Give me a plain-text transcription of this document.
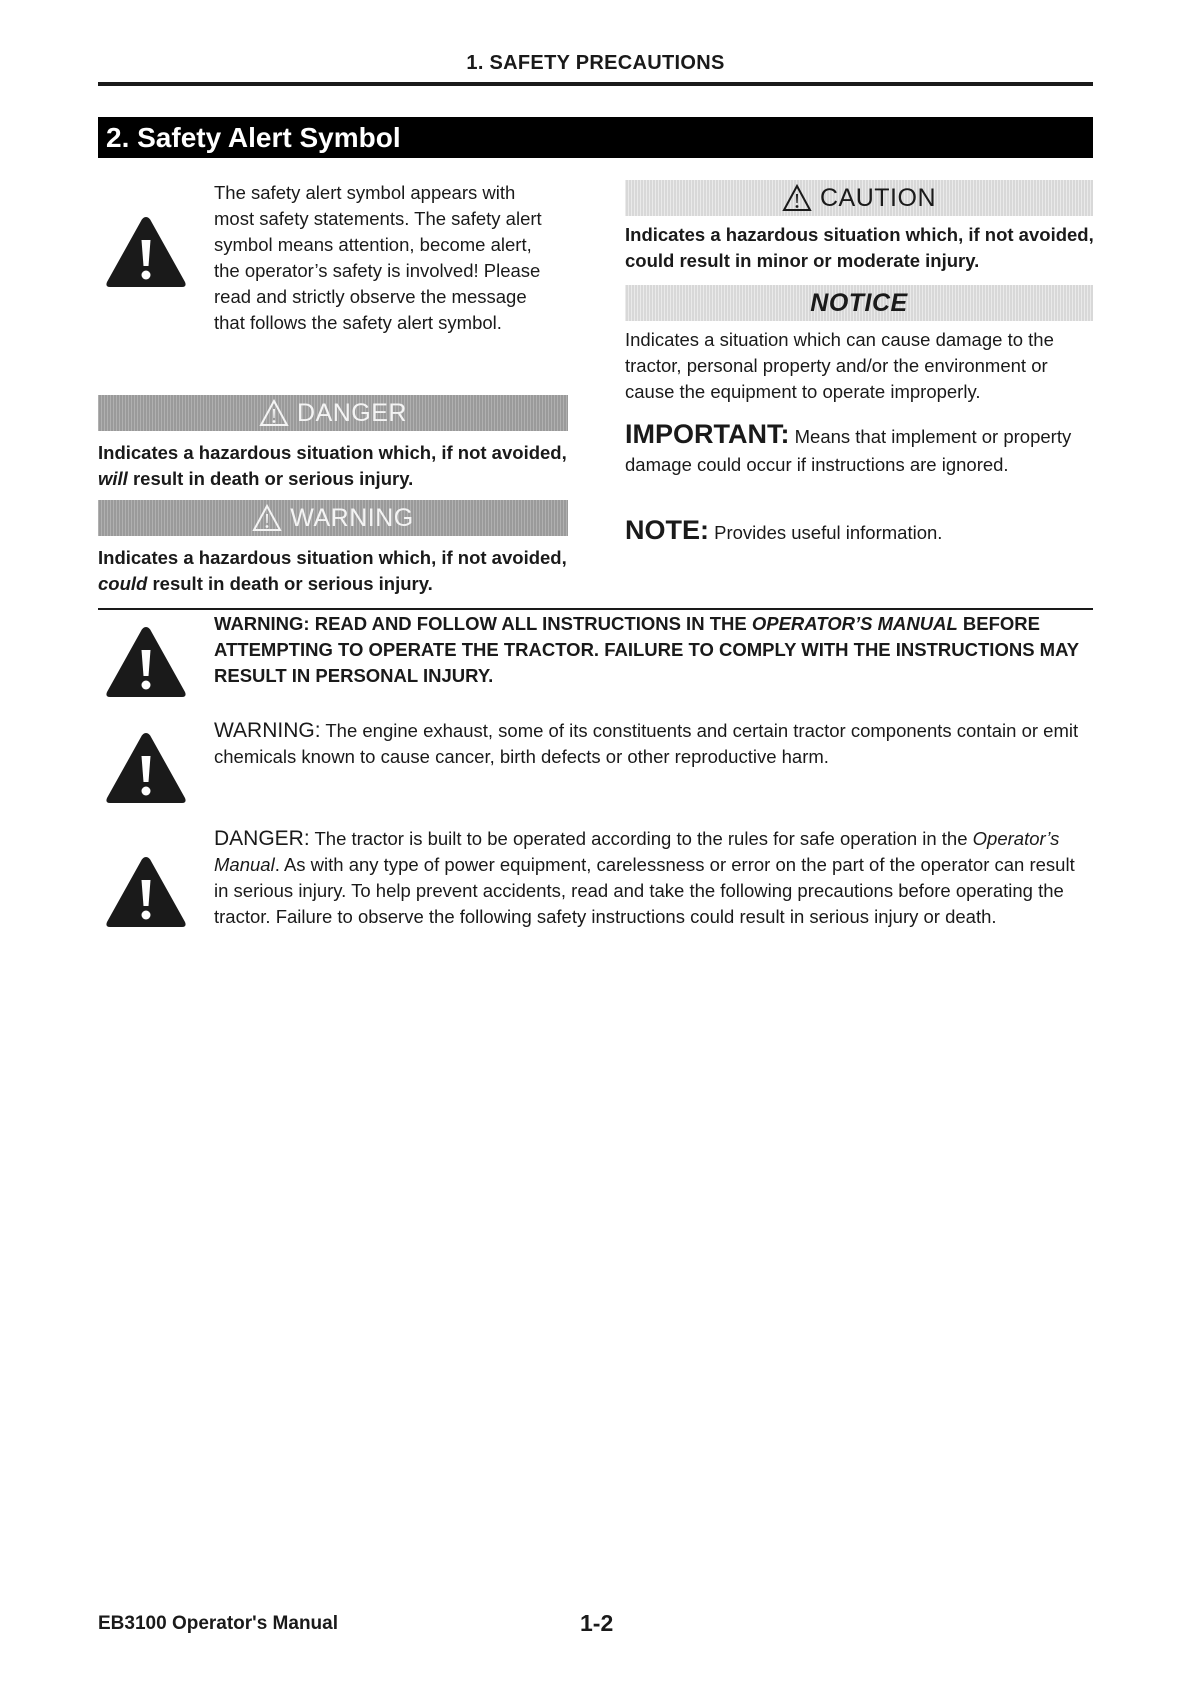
1. SAFETY PRECAUTIONS
2. Safety Alert Symbol
The safety alert symbol appears with most safety statements. The safety alert symbol means attention, become alert, the operator’s safety is involved! Please read and strictly observe the message that follows the safety alert symbol.
DANGER
Indicates a hazardous situation which, if not avoided, will result in death or serious injury.
WARNING
Indicates a hazardous situation which, if not avoided, could result in death or serious injury.
CAUTION
Indicates a hazardous situation which, if not avoided, could result in minor or moderate injury.
NOTICE
Indicates a situation which can cause damage to the tractor, personal property and/or the environment or cause the equipment to operate improperly.
IMPORTANT: Means that implement or property damage could occur if instructions are ignored.
NOTE: Provides useful information.
WARNING: READ AND FOLLOW ALL INSTRUCTIONS IN THE OPERATOR’S MANUAL BEFORE ATTEMPTING TO OPERATE THE TRACTOR. FAILURE TO COMPLY WITH THE INSTRUCTIONS MAY RESULT IN PERSONAL INJURY.
WARNING: The engine exhaust, some of its constituents and certain tractor components contain or emit chemicals known to cause cancer, birth defects or other reproductive harm.
DANGER: The tractor is built to be operated according to the rules for safe operation in the Operator’s Manual. As with any type of power equipment, carelessness or error on the part of the operator can result in serious injury. To help prevent accidents, read and take the following precautions before operating the tractor. Failure to observe the following safety instructions could result in serious injury or death.
EB3100 Operator's Manual	1-2
